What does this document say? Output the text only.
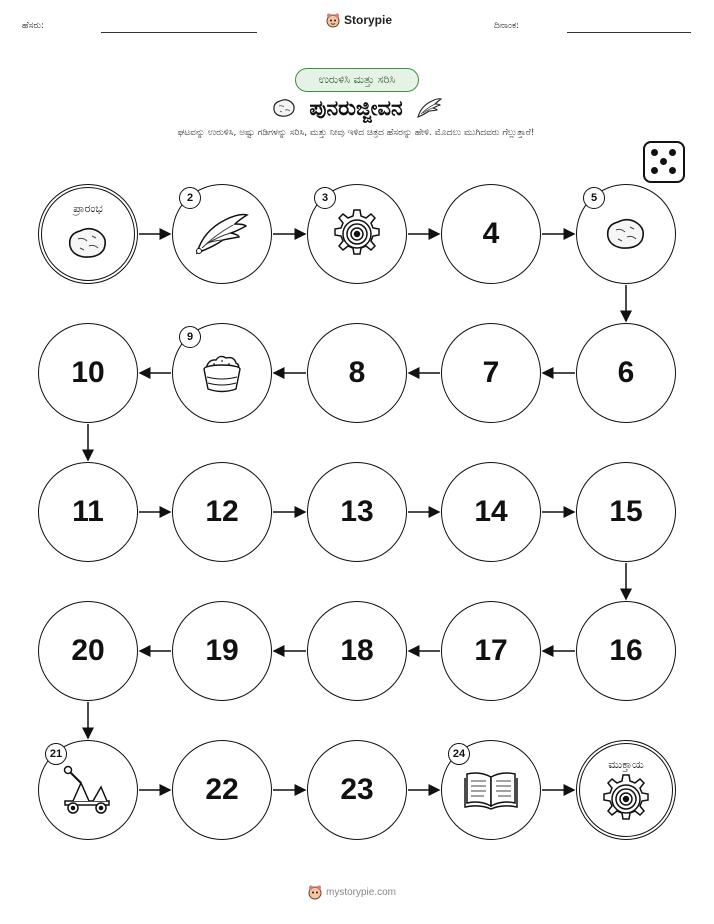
ಹೆಸರು:	Storypie	ದಿನಾಂಕ:
ಉರುಳಿಸಿ ಮತ್ತು ಸರಿಸಿ
ಪುನರುಜ್ಜೀವನ
ಘಟವನ್ನು ಉರುಳಿಸಿ, ಅಷ್ಟು ಗಡಿಗಳನ್ನು ಸರಿಸಿ, ಮತ್ತು ನೀವು ಇಳಿದ ಚಿತ್ರದ ಹೆಸರನ್ನು ಹೇಳಿ. ಮೊದಲು ಮುಗಿದವರು ಗೆಲ್ಲುತ್ತಾರೆ!
ಪ್ರಾರಂಭ
2	3
4
5
6
7
8
9
10
11	12	13	14	15
16
17
18
19
20
21
22	23
24
ಮುಕ್ತಾಯ
mystorypie.com
